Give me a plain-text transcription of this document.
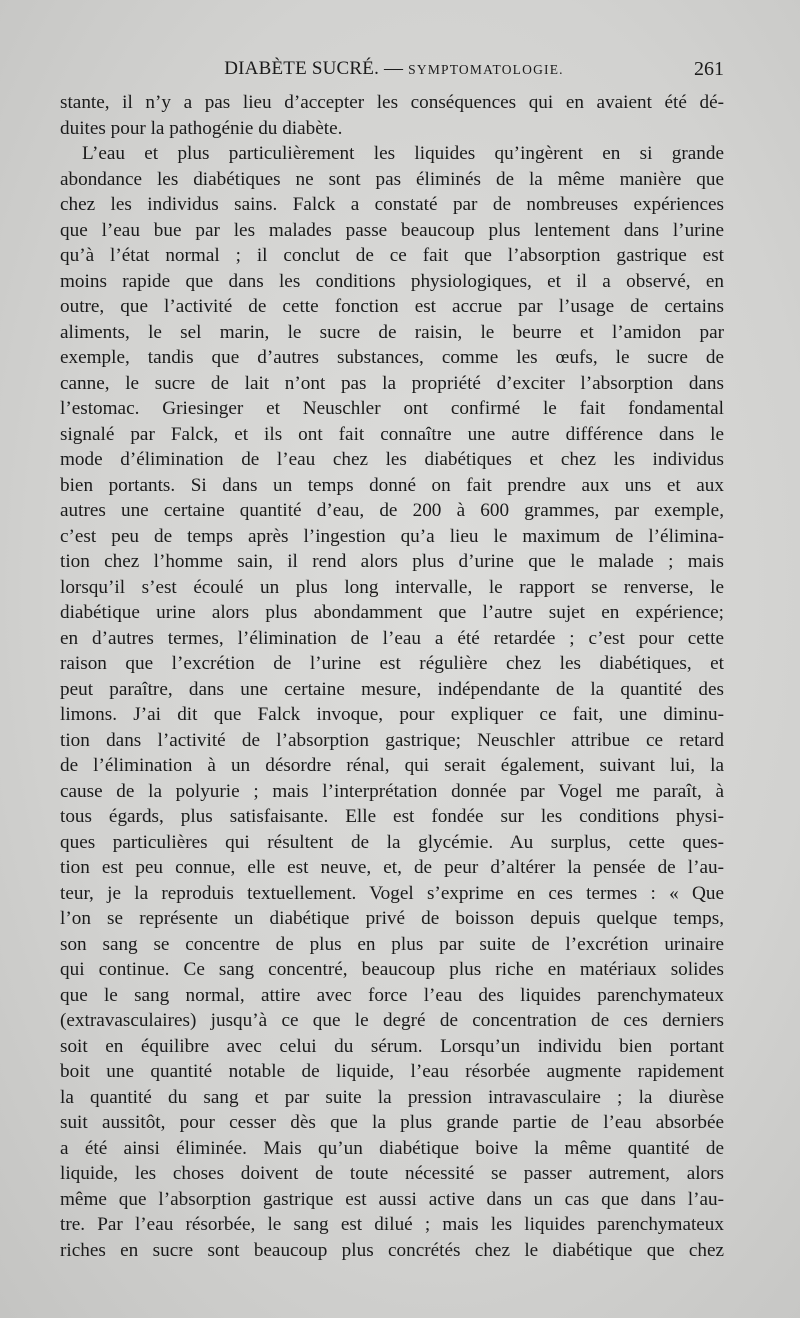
DIABÈTE SUCRÉ. — SYMPTOMATOLOGIE.	261
stante, il n’y a pas lieu d’accepter les conséquences qui en avaient été dé-
duites pour la pathogénie du diabète.
L’eau et plus particulièrement les liquides qu’ingèrent en si grande
abondance les diabétiques ne sont pas éliminés de la même manière que
chez les individus sains. Falck a constaté par de nombreuses expériences
que l’eau bue par les malades passe beaucoup plus lentement dans l’urine
qu’à l’état normal ; il conclut de ce fait que l’absorption gastrique est
moins rapide que dans les conditions physiologiques, et il a observé, en
outre, que l’activité de cette fonction est accrue par l’usage de certains
aliments, le sel marin, le sucre de raisin, le beurre et l’amidon par
exemple, tandis que d’autres substances, comme les œufs, le sucre de
canne, le sucre de lait n’ont pas la propriété d’exciter l’absorption dans
l’estomac. Griesinger et Neuschler ont confirmé le fait fondamental
signalé par Falck, et ils ont fait connaître une autre différence dans le
mode d’élimination de l’eau chez les diabétiques et chez les individus
bien portants. Si dans un temps donné on fait prendre aux uns et aux
autres une certaine quantité d’eau, de 200 à 600 grammes, par exemple,
c’est peu de temps après l’ingestion qu’a lieu le maximum de l’élimina-
tion chez l’homme sain, il rend alors plus d’urine que le malade ; mais
lorsqu’il s’est écoulé un plus long intervalle, le rapport se renverse, le
diabétique urine alors plus abondamment que l’autre sujet en expérience;
en d’autres termes, l’élimination de l’eau a été retardée ; c’est pour cette
raison que l’excrétion de l’urine est régulière chez les diabétiques, et
peut paraître, dans une certaine mesure, indépendante de la quantité des
limons. J’ai dit que Falck invoque, pour expliquer ce fait, une diminu-
tion dans l’activité de l’absorption gastrique; Neuschler attribue ce retard
de l’élimination à un désordre rénal, qui serait également, suivant lui, la
cause de la polyurie ; mais l’interprétation donnée par Vogel me paraît, à
tous égards, plus satisfaisante. Elle est fondée sur les conditions physi-
ques particulières qui résultent de la glycémie. Au surplus, cette ques-
tion est peu connue, elle est neuve, et, de peur d’altérer la pensée de l’au-
teur, je la reproduis textuellement. Vogel s’exprime en ces termes : « Que
l’on se représente un diabétique privé de boisson depuis quelque temps,
son sang se concentre de plus en plus par suite de l’excrétion urinaire
qui continue. Ce sang concentré, beaucoup plus riche en matériaux solides
que le sang normal, attire avec force l’eau des liquides parenchymateux
(extravasculaires) jusqu’à ce que le degré de concentration de ces derniers
soit en équilibre avec celui du sérum. Lorsqu’un individu bien portant
boit une quantité notable de liquide, l’eau résorbée augmente rapidement
la quantité du sang et par suite la pression intravasculaire ; la diurèse
suit aussitôt, pour cesser dès que la plus grande partie de l’eau absorbée
a été ainsi éliminée. Mais qu’un diabétique boive la même quantité de
liquide, les choses doivent de toute nécessité se passer autrement, alors
même que l’absorption gastrique est aussi active dans un cas que dans l’au-
tre. Par l’eau résorbée, le sang est dilué ; mais les liquides parenchymateux
riches en sucre sont beaucoup plus concrétés chez le diabétique que chez
